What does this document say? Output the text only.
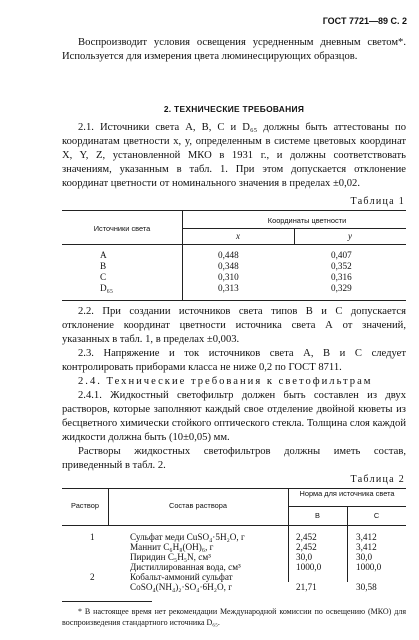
ГОСТ 7721—89 С. 2
Воспроизводит условия освещения усредненным дневным светом*. Используется для измерения цвета люминесцирующих образцов.
2. ТЕХНИЧЕСКИЕ ТРЕБОВАНИЯ
2.1. Источники света А, В, С и D₆₅ должны быть аттестованы по координатам цветности x, y, определенным в системе цветовых координат X, Y, Z, установленной МКО в 1931 г., и должны соответствовать значениям, указанным в табл. 1. При этом допускается отклонение координат цветности от номинального значения в пределах ±0,02.
Таблица 1
Координаты цветности
Источники света
x	y
A	0,448	0,407
B	0,348	0,352
C	0,310	0,316
D₆₅	0,313	0,329
2.2. При создании источников света типов В и С допускается отклонение координат цветности источника света А от значений, указанных в табл. 1, в пределах ±0,003.
2.3. Напряжение и ток источников света А, В и С следует контролировать приборами класса не ниже 0,2 по ГОСТ 8711.
2.4. Технические требования к светофильтрам
2.4.1. Жидкостный светофильтр должен быть составлен из двух растворов, которые заполняют каждый свое отделение двойной кюветы из бесцветного химически стойкого оптического стекла. Толщина слоя каждой жидкости должна быть (10±0,05) мм.
Растворы жидкостных светофильтров должны иметь состав, приведенный в табл. 2.
Таблица 2
Норма для источника света
Раствор	Состав раствора
В	С
1	Сульфат меди CuSO₄·5H₂O, г	2,452	3,412
Маннит C₆H₈(OH)₆, г	2,452	3,412
Пиридин C₅H₅N, см³	30,0	30,0
Дистиллированная вода, см³	1000,0	1000,0
2	Кобальт-аммоний сульфат
CoSO₄(NH₄)₂·SO₄·6H₂O, г	21,71	30,58
* В настоящее время нет рекомендации Международной комиссии по освещению (МКО) для воспроизведения стандартного источника D₆₅.
